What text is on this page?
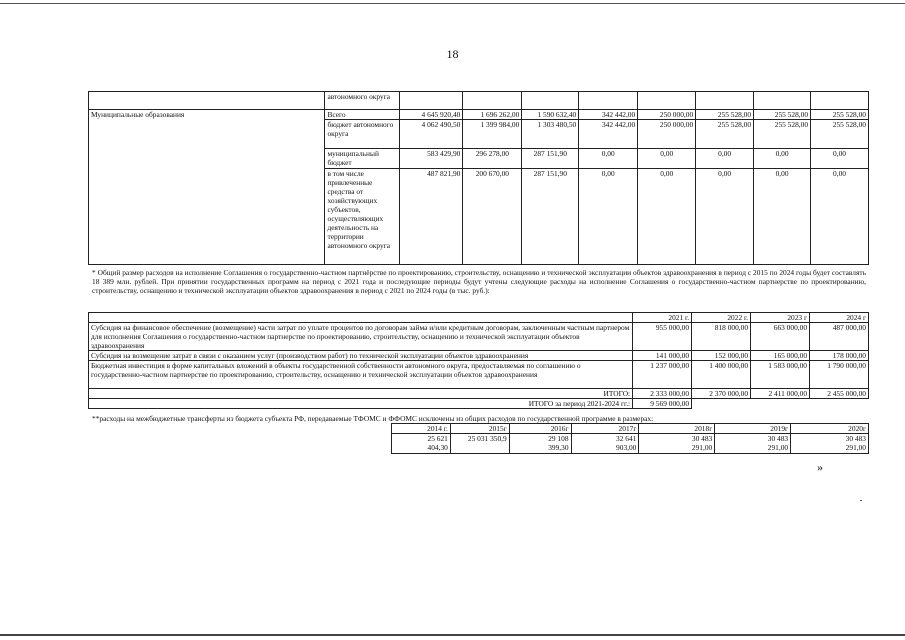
18
	автономного округа								
Муниципальные образования	Всего	4 645 920,40	1 696 262,00	1 590 632,40	342 442,00	250 000,00	255 528,00	255 528,00	255 528,00
	бюджет автономного округа	4 062 490,50	1 399 984,00	1 303 480,50	342 442,00	250 000,00	255 528,00	255 528,00	255 528,00
	муниципальный бюджет	583 429,90	296 278,00	287 151,90	0,00	0,00	0,00	0,00	0,00
	в том числе привлеченные средства от хозяйствующих субъектов, осуществляющих деятельность на территории автономного округа	487 821,90	200 670,00	287 151,90	0,00	0,00	0,00	0,00	0,00
* Общий размер расходов на исполнение Соглашения о государственно-частном партнёрстве по проектированию, строительству, оснащению и технической эксплуатации объектов здравоохранения в период с 2015 по 2024 годы будет составлять 18 389 млн. рублей. При принятии государственных программ на период с 2021 года и последующие периоды будут учтены следующие расходы на исполнение Соглашения о государственно-частном партнерстве по проектированию, строительству, оснащению и технической эксплуатации объектов здравоохранения в период с 2021 по 2024 годы (в тыс. руб.):
	2021 г.	2022 г.	2023 г	2024 г
Субсидия на финансовое обеспечение (возмещение) части затрат по уплате процентов по договорам займа и/или кредитным договорам, заключенным частным партнером для исполнения Соглашения о государственно-частном партнерстве по проектированию, строительству, оснащению и технической эксплуатации объектов здравоохранения	955 000,00	818 000,00	663 000,00	487 000,00
Субсидия на возмещение затрат в связи с оказанием услуг (производством работ) по технической эксплуатации объектов здравоохранения	141 000,00	152 000,00	165 000,00	178 000,00
Бюджетная инвестиция в форме капитальных вложений в объекты государственной собственности автономного округа, предоставляемая по соглашению о государственно-частном партнерстве по проектированию, строительству, оснащению и технической эксплуатации объектов здравоохранения	1 237 000,00	1 400 000,00	1 583 000,00	1 790 000,00
ИТОГО:	2 333 000,00	2 370 000,00	2 411 000,00	2 455 000,00
ИТОГО за период 2021-2024 гг.:	9 569 000,00			
**расходы на межбюджетные трансферты из бюджета субъекта РФ, передаваемые ТФОМС и ФФОМС исключены из общих расходов по государственной программе в размерах:
2014 г.	2015г	2016г	2017г	2018г	2019г	2020г
25 621 404,30	25 031 350,9	29 108 399,30	32 641 903,00	30 483 291,00	30 483 291,00	30 483 291,00
»
